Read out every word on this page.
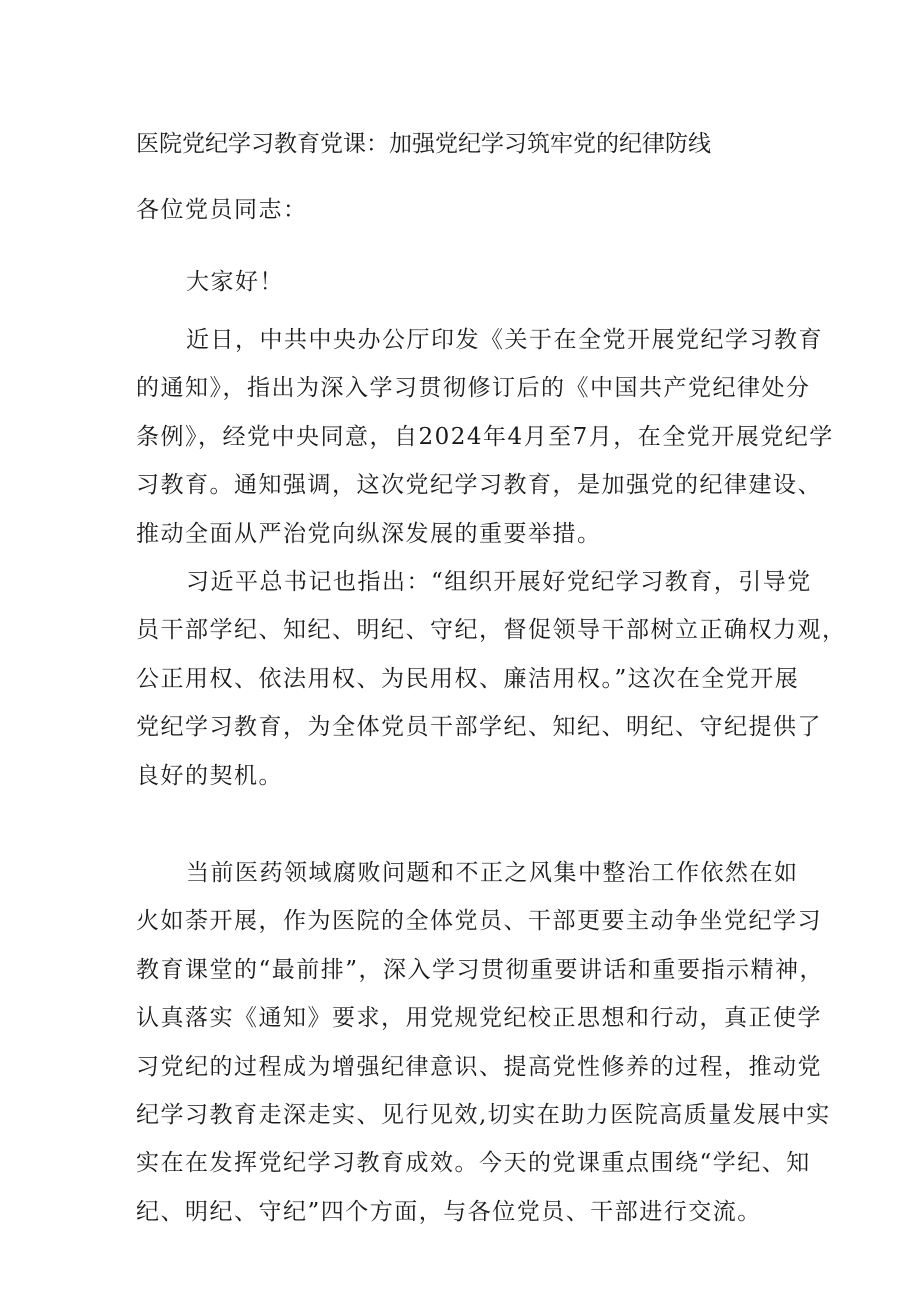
医院党纪学习教育党课：加强党纪学习筑牢党的纪律防线
各位党员同志：
大家好！
近日，中共中央办公厅印发《关于在全党开展党纪学习教育
的通知》，指出为深入学习贯彻修订后的《中国共产党纪律处分
条例》，经党中央同意，自2024年4月至7月，在全党开展党纪学
习教育。通知强调，这次党纪学习教育，是加强党的纪律建设、
推动全面从严治党向纵深发展的重要举措。
习近平总书记也指出：“组织开展好党纪学习教育，引导党
员干部学纪、知纪、明纪、守纪，督促领导干部树立正确权力观，
公正用权、依法用权、为民用权、廉洁用权。”这次在全党开展
党纪学习教育，为全体党员干部学纪、知纪、明纪、守纪提供了
良好的契机。
当前医药领域腐败问题和不正之风集中整治工作依然在如
火如荼开展，作为医院的全体党员、干部更要主动争坐党纪学习
教育课堂的“最前排”，深入学习贯彻重要讲话和重要指示精神，
认真落实《通知》要求，用党规党纪校正思想和行动，真正使学
习党纪的过程成为增强纪律意识、提高党性修养的过程，推动党
纪学习教育走深走实、见行见效,切实在助力医院高质量发展中实
实在在发挥党纪学习教育成效。今天的党课重点围绕“学纪、知
纪、明纪、守纪”四个方面，与各位党员、干部进行交流。
